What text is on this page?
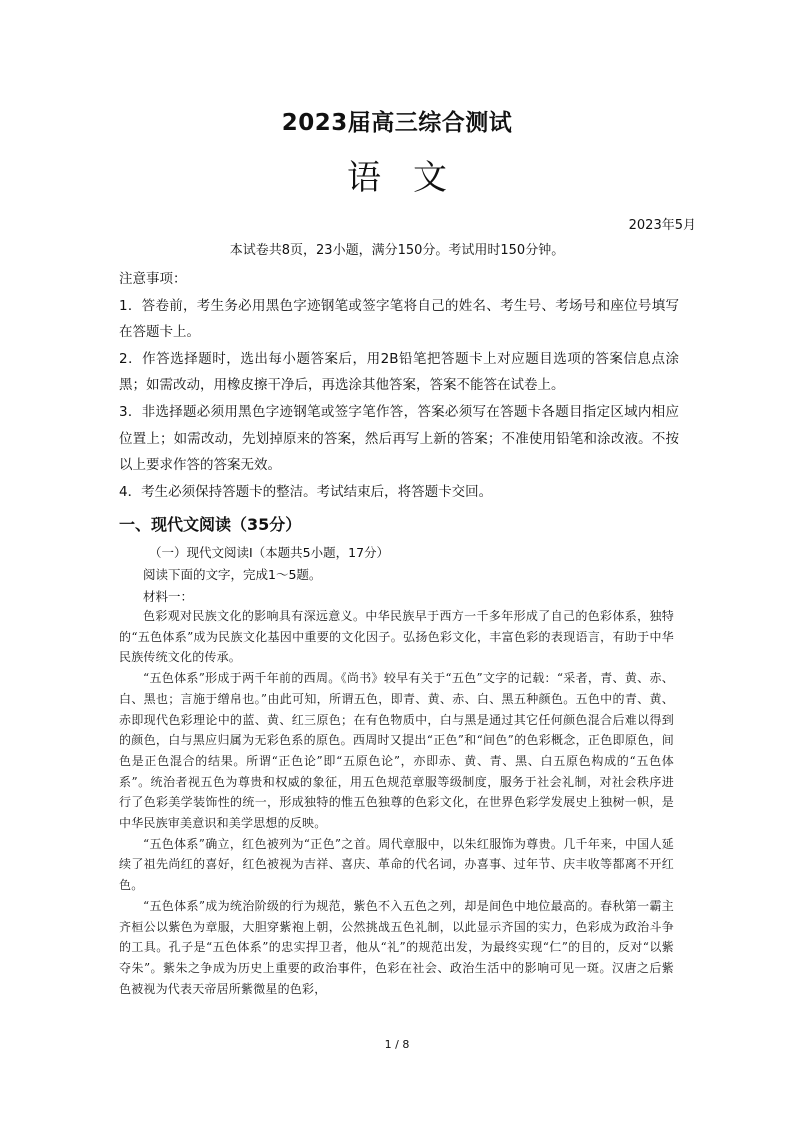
2023届高三综合测试
语文
2023年5月
本试卷共8页，23小题，满分150分。考试用时150分钟。

注意事项：

1．答卷前，考生务必用黑色字迹钢笔或签字笔将自己的姓名、考生号、考场号和座位号填写在答题卡上。

2．作答选择题时，选出每小题答案后，用2B铅笔把答题卡上对应题目选项的答案信息点涂黑；如需改动，用橡皮擦干净后，再选涂其他答案，答案不能答在试卷上。

3．非选择题必须用黑色字迹钢笔或签字笔作答，答案必须写在答题卡各题目指定区域内相应位置上；如需改动，先划掉原来的答案，然后再写上新的答案；不准使用铅笔和涂改液。不按以上要求作答的答案无效。

4．考生必须保持答题卡的整洁。考试结束后，将答题卡交回。

一、现代文阅读（35分）
（一）现代文阅读Ⅰ（本题共5小题，17分）
阅读下面的文字，完成1～5题。
材料一：

色彩观对民族文化的影响具有深远意义。中华民族早于西方一千多年形成了自己的色彩体系，独特的“五色体系”成为民族文化基因中重要的文化因子。弘扬色彩文化，丰富色彩的表现语言，有助于中华民族传统文化的传承。

“五色体系”形成于两千年前的西周。《尚书》较早有关于“五色”文字的记载：“采者，青、黄、赤、白、黑也；言施于缯帛也。”由此可知，所谓五色，即青、黄、赤、白、黑五种颜色。五色中的青、黄、赤即现代色彩理论中的蓝、黄、红三原色；在有色物质中，白与黑是通过其它任何颜色混合后难以得到的颜色，白与黑应归属为无彩色系的原色。西周时又提出“正色”和“间色”的色彩概念，正色即原色，间色是正色混合的结果。所谓“正色论”即“五原色论”，亦即赤、黄、青、黑、白五原色构成的“五色体系”。统治者视五色为尊贵和权威的象征，用五色规范章服等级制度，服务于社会礼制，对社会秩序进行了色彩美学装饰性的统一，形成独特的惟五色独尊的色彩文化，在世界色彩学发展史上独树一帜，是中华民族审美意识和美学思想的反映。

“五色体系”确立，红色被列为“正色”之首。周代章服中，以朱红服饰为尊贵。几千年来，中国人延续了祖先尚红的喜好，红色被视为吉祥、喜庆、革命的代名词，办喜事、过年节、庆丰收等都离不开红色。

“五色体系”成为统治阶级的行为规范，紫色不入五色之列，却是间色中地位最高的。春秋第一霸主齐桓公以紫色为章服，大胆穿紫袍上朝，公然挑战五色礼制，以此显示齐国的实力，色彩成为政治斗争的工具。孔子是“五色体系”的忠实捍卫者，他从“礼”的规范出发，为最终实现“仁”的目的，反对“以紫夺朱”。紫朱之争成为历史上重要的政治事件，色彩在社会、政治生活中的影响可见一斑。汉唐之后紫色被视为代表天帝居所紫微星的色彩，

1 / 8
